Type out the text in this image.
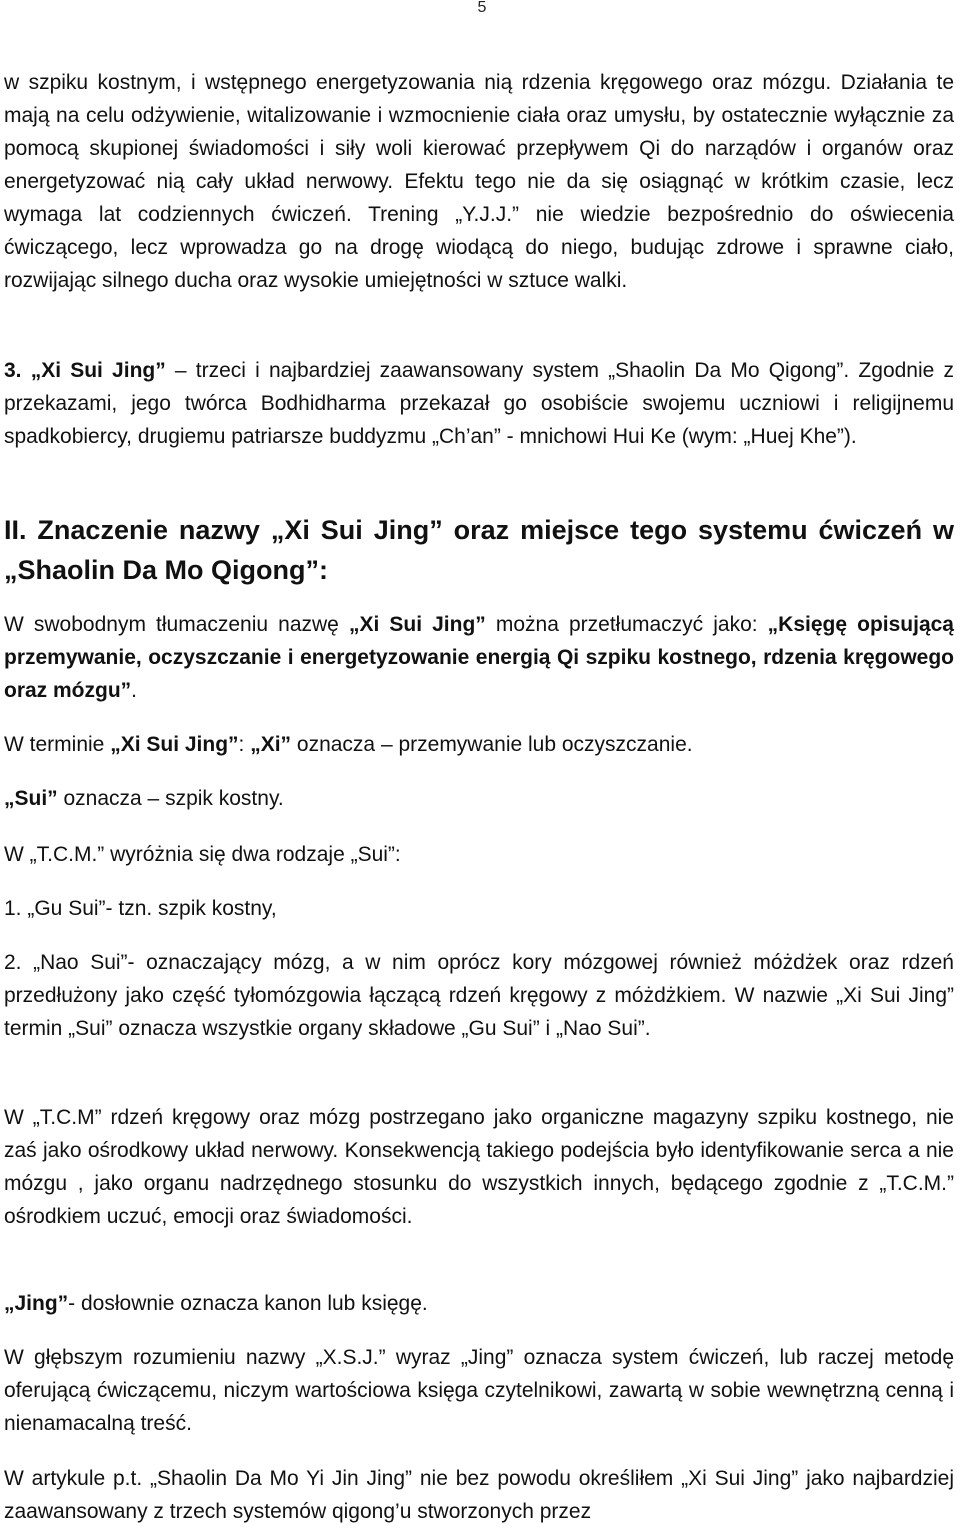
5

w szpiku kostnym, i wstępnego energetyzowania nią rdzenia kręgowego oraz mózgu. Działania te mają na celu odżywienie, witalizowanie i wzmocnienie ciała oraz umysłu, by ostatecznie wyłącznie za pomocą skupionej świadomości i siły woli kierować przepływem Qi do narządów i organów oraz energetyzować nią cały układ nerwowy. Efektu tego nie da się osiągnąć w krótkim czasie, lecz wymaga lat codziennych ćwiczeń. Trening „Y.J.J.” nie wiedzie bezpośrednio do oświecenia ćwiczącego, lecz wprowadza go na drogę wiodącą do niego, budując zdrowe i sprawne ciało, rozwijając silnego ducha oraz wysokie umiejętności w sztuce walki.

3. „Xi Sui Jing” – trzeci i najbardziej zaawansowany system „Shaolin Da Mo Qigong”. Zgodnie z przekazami, jego twórca Bodhidharma przekazał go osobiście swojemu uczniowi i religijnemu spadkobiercy, drugiemu patriarsze buddyzmu „Ch’an” - mnichowi Hui Ke (wym: „Huej Khe”).

II. Znaczenie nazwy „Xi Sui Jing” oraz miejsce tego systemu ćwiczeń w „Shaolin Da Mo Qigong”:

W swobodnym tłumaczeniu nazwę „Xi Sui Jing” można przetłumaczyć jako: „Księgę opisującą przemywanie, oczyszczanie i energetyzowanie energią Qi szpiku kostnego, rdzenia kręgowego oraz mózgu”.

W terminie „Xi Sui Jing”: „Xi” oznacza – przemywanie lub oczyszczanie.

„Sui” oznacza – szpik kostny.

W „T.C.M.” wyróżnia się dwa rodzaje „Sui”:

1. „Gu Sui”- tzn. szpik kostny,

2. „Nao Sui”- oznaczający mózg, a w nim oprócz kory mózgowej również móżdżek oraz rdzeń przedłużony jako część tyłomózgowia łączącą rdzeń kręgowy z móżdżkiem. W nazwie „Xi Sui Jing” termin „Sui” oznacza wszystkie organy składowe „Gu Sui” i „Nao Sui”.

W „T.C.M” rdzeń kręgowy oraz mózg postrzegano jako organiczne magazyny szpiku kostnego, nie zaś jako ośrodkowy układ nerwowy. Konsekwencją takiego podejścia było identyfikowanie serca a nie mózgu , jako organu nadrzędnego stosunku do wszystkich innych, będącego zgodnie z „T.C.M.” ośrodkiem uczuć, emocji oraz świadomości.

„Jing”- dosłownie oznacza kanon lub księgę.

W głębszym rozumieniu nazwy „X.S.J.” wyraz „Jing” oznacza system ćwiczeń, lub raczej metodę oferującą ćwiczącemu, niczym wartościowa księga czytelnikowi, zawartą w sobie wewnętrzną cenną i nienamacalną treść.

W artykule p.t. „Shaolin Da Mo Yi Jin Jing” nie bez powodu określiłem „Xi Sui Jing” jako najbardziej zaawansowany z trzech systemów qigong’u stworzonych przez
